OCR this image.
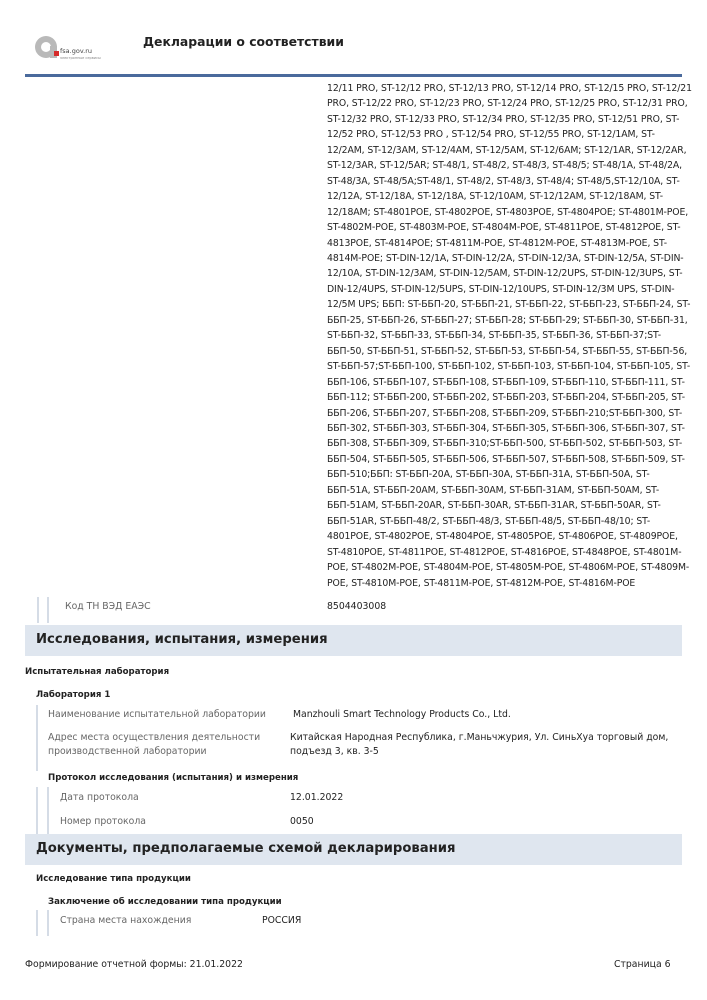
fsa.gov.ru
электронные сервисы
Декларации о соответствии
12/11 PRO, ST-12/12 PRO, ST-12/13 PRO, ST-12/14 PRO, ST-12/15 PRO, ST-12/21 PRO, ST-12/22 PRO, ST-12/23 PRO, ST-12/24 PRO, ST-12/25 PRO, ST-12/31 PRO, ST-12/32 PRO, ST-12/33 PRO, ST-12/34 PRO, ST-12/35 PRO, ST-12/51 PRO, ST-12/52 PRO, ST-12/53 PRO , ST-12/54 PRO, ST-12/55 PRO, ST-12/1AM, ST-12/2AM, ST-12/3AM, ST-12/4AM, ST-12/5AM, ST-12/6AM; ST-12/1AR, ST-12/2AR, ST-12/3AR, ST-12/5AR; ST-48/1, ST-48/2, ST-48/3, ST-48/5; ST-48/1A, ST-48/2A, ST-48/3A, ST-48/5A;ST-48/1, ST-48/2, ST-48/3, ST-48/4; ST-48/5,ST-12/10A, ST-12/12A, ST-12/18A, ST-12/18A, ST-12/10AM, ST-12/12AM, ST-12/18AM, ST-12/18AM; ST-4801POE, ST-4802POE, ST-4803POE, ST-4804POE; ST-4801M-POE, ST-4802M-POE, ST-4803M-POE, ST-4804M-POE, ST-4811POE, ST-4812POE, ST-4813POE, ST-4814POE; ST-4811M-POE, ST-4812M-POE, ST-4813M-POE, ST-4814M-POE; ST-DIN-12/1A, ST-DIN-12/2A, ST-DIN-12/3A, ST-DIN-12/5A, ST-DIN-12/10A, ST-DIN-12/3AM, ST-DIN-12/5AM, ST-DIN-12/2UPS, ST-DIN-12/3UPS, ST-DIN-12/4UPS, ST-DIN-12/5UPS, ST-DIN-12/10UPS, ST-DIN-12/3M UPS, ST-DIN-12/5M UPS; ББП: ST-ББП-20, ST-ББП-21, ST-ББП-22, ST-ББП-23, ST-ББП-24, ST-ББП-25, ST-ББП-26, ST-ББП-27; ST-ББП-28; ST-ББП-29; ST-ББП-30, ST-ББП-31, ST-ББП-32, ST-ББП-33, ST-ББП-34, ST-ББП-35, ST-ББП-36, ST-ББП-37;ST-ББП-50, ST-ББП-51, ST-ББП-52, ST-ББП-53, ST-ББП-54, ST-ББП-55, ST-ББП-56, ST-ББП-57;ST-ББП-100, ST-ББП-102, ST-ББП-103, ST-ББП-104, ST-ББП-105, ST-ББП-106, ST-ББП-107, ST-ББП-108, ST-ББП-109, ST-ББП-110, ST-ББП-111, ST-ББП-112; ST-ББП-200, ST-ББП-202, ST-ББП-203, ST-ББП-204, ST-ББП-205, ST-ББП-206, ST-ББП-207, ST-ББП-208, ST-ББП-209, ST-ББП-210;ST-ББП-300, ST-ББП-302, ST-ББП-303, ST-ББП-304, ST-ББП-305, ST-ББП-306, ST-ББП-307, ST-ББП-308, ST-ББП-309, ST-ББП-310;ST-ББП-500, ST-ББП-502, ST-ББП-503, ST-ББП-504, ST-ББП-505, ST-ББП-506, ST-ББП-507, ST-ББП-508, ST-ББП-509, ST-ББП-510;ББП: ST-ББП-20A, ST-ББП-30A, ST-ББП-31A, ST-ББП-50A, ST-ББП-51A, ST-ББП-20AM, ST-ББП-30AM, ST-ББП-31AM, ST-ББП-50AM, ST-ББП-51AM, ST-ББП-20AR, ST-ББП-30AR, ST-ББП-31AR, ST-ББП-50AR, ST-ББП-51AR, ST-ББП-48/2, ST-ББП-48/3, ST-ББП-48/5, ST-ББП-48/10; ST-4801POE, ST-4802POE, ST-4804POE, ST-4805POE, ST-4806POE, ST-4809POE, ST-4810POE, ST-4811POE, ST-4812POE, ST-4816POE, ST-4848POE, ST-4801M-POE, ST-4802M-POE, ST-4804M-POE, ST-4805M-POE, ST-4806M-POE, ST-4809M-POE, ST-4810M-POE, ST-4811M-POE, ST-4812M-POE, ST-4816M-POE
Код ТН ВЭД ЕАЭС	8504403008
Исследования, испытания, измерения
Испытательная лаборатория
Лаборатория 1
Наименование испытательной лаборатории	Manzhouli Smart Technology Products Co., Ltd.
Адрес места осуществления деятельности производственной лаборатории
Китайская Народная Республика, г.Маньчжурия, Ул. СиньХуа торговый дом, подъезд 3, кв. 3-5
Протокол исследования (испытания) и измерения
Дата протокола	12.01.2022
Номер протокола	0050
Документы, предполагаемые схемой декларирования
Исследование типа продукции
Заключение об исследовании типа продукции
Страна места нахождения	РОССИЯ
Формирование отчетной формы: 21.01.2022	Страница 6
